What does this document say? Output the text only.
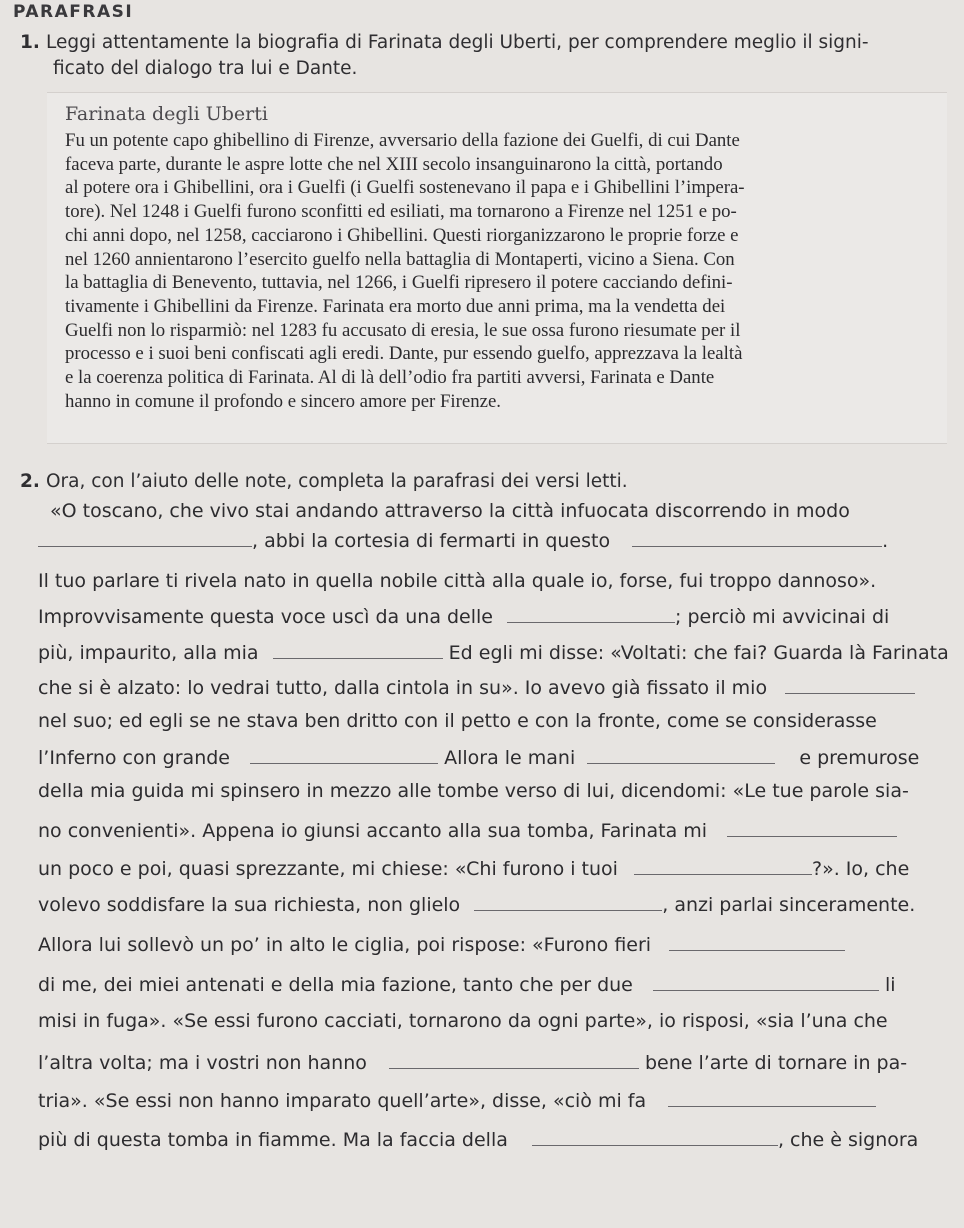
PARAFRASI
1. Leggi attentamente la biografia di Farinata degli Uberti, per comprendere meglio il signi-
ficato del dialogo tra lui e Dante.
Farinata degli Uberti
Fu un potente capo ghibellino di Firenze, avversario della fazione dei Guelfi, di cui Dante
faceva parte, durante le aspre lotte che nel XIII secolo insanguinarono la città, portando
al potere ora i Ghibellini, ora i Guelfi (i Guelfi sostenevano il papa e i Ghibellini l’impera-
tore). Nel 1248 i Guelfi furono sconfitti ed esiliati, ma tornarono a Firenze nel 1251 e po-
chi anni dopo, nel 1258, cacciarono i Ghibellini. Questi riorganizzarono le proprie forze e
nel 1260 annientarono l’esercito guelfo nella battaglia di Montaperti, vicino a Siena. Con
la battaglia di Benevento, tuttavia, nel 1266, i Guelfi ripresero il potere cacciando defini-
tivamente i Ghibellini da Firenze. Farinata era morto due anni prima, ma la vendetta dei
Guelfi non lo risparmiò: nel 1283 fu accusato di eresia, le sue ossa furono riesumate per il
processo e i suoi beni confiscati agli eredi. Dante, pur essendo guelfo, apprezzava la lealtà
e la coerenza politica di Farinata. Al di là dell’odio fra partiti avversi, Farinata e Dante
hanno in comune il profondo e sincero amore per Firenze.
2. Ora, con l’aiuto delle note, completa la parafrasi dei versi letti.
«O toscano, che vivo stai andando attraverso la città infuocata discorrendo in modo
, abbi la cortesia di fermarti in questo	.
Il tuo parlare ti rivela nato in quella nobile città alla quale io, forse, fui troppo dannoso».
Improvvisamente questa voce uscì da una delle	; perciò mi avvicinai di
più, impaurito, alla mia	Ed egli mi disse: «Voltati: che fai? Guarda là Farinata
che si è alzato: lo vedrai tutto, dalla cintola in su». Io avevo già fissato il mio
nel suo; ed egli se ne stava ben dritto con il petto e con la fronte, come se considerasse
l’Inferno con grande	Allora le mani	e premurose
della mia guida mi spinsero in mezzo alle tombe verso di lui, dicendomi: «Le tue parole sia-
no convenienti». Appena io giunsi accanto alla sua tomba, Farinata mi
un poco e poi, quasi sprezzante, mi chiese: «Chi furono i tuoi	?». Io, che
volevo soddisfare la sua richiesta, non glielo	, anzi parlai sinceramente.
Allora lui sollevò un po’ in alto le ciglia, poi rispose: «Furono fieri
di me, dei miei antenati e della mia fazione, tanto che per due	li
misi in fuga». «Se essi furono cacciati, tornarono da ogni parte», io risposi, «sia l’una che
l’altra volta; ma i vostri non hanno	bene l’arte di tornare in pa-
tria». «Se essi non hanno imparato quell’arte», disse, «ciò mi fa
più di questa tomba in fiamme. Ma la faccia della	, che è signora
